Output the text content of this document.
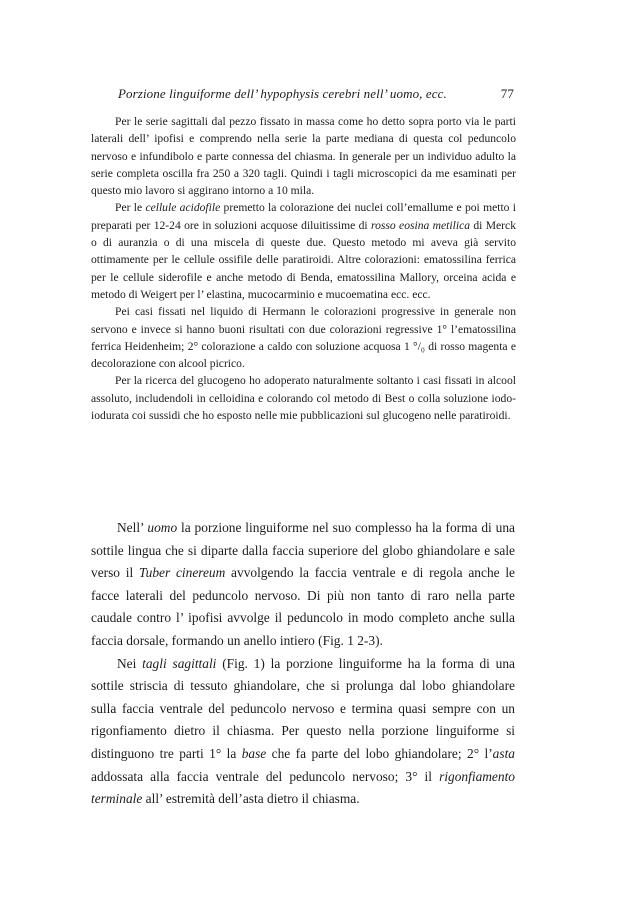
Porzione linguiforme dell’ hypophysis cerebri nell’ uomo, ecc.	77

Per le serie sagittali dal pezzo fissato in massa come ho detto sopra porto via le parti laterali dell’ ipofisi e comprendo nella serie la parte mediana di questa col peduncolo nervoso e infundibolo e parte connessa del chiasma. In generale per un individuo adulto la serie completa oscilla fra 250 a 320 tagli. Quindi i tagli microscopici da me esaminati per questo mio lavoro si aggirano intorno a 10 mila.

Per le cellule acidofile premetto la colorazione dei nuclei coll’emallume e poi metto i preparati per 12-24 ore in soluzioni acquose diluitissime di rosso eosina metilica di Merck o di auranzia o di una miscela di queste due. Questo metodo mi aveva già servito ottimamente per le cellule ossifile delle paratiroidi. Altre colorazioni: ematossilina ferrica per le cellule siderofile e anche metodo di Benda, ematossilina Mallory, orceina acida e metodo di Weigert per l’ elastina, mucocarminio e mucoematina ecc. ecc.

Pei casi fissati nel liquido di Hermann le colorazioni progressive in generale non servono e invece si hanno buoni risultati con due colorazioni regressive 1° l’ematossilina ferrica Heidenheim; 2° colorazione a caldo con soluzione acquosa 1 °/₀ di rosso magenta e decolorazione con alcool picrico.

Per la ricerca del glucogeno ho adoperato naturalmente soltanto i casi fissati in alcool assoluto, includendoli in celloidina e colorando col metodo di Best o colla soluzione iodo-iodurata coi sussidi che ho esposto nelle mie pubblicazioni sul glucogeno nelle paratiroidi.

Nell’ uomo la porzione linguiforme nel suo complesso ha la forma di una sottile lingua che si diparte dalla faccia superiore del globo ghiandolare e sale verso il Tuber cinereum avvolgendo la faccia ventrale e di regola anche le facce laterali del peduncolo nervoso. Di più non tanto di raro nella parte caudale contro l’ ipofisi avvolge il peduncolo in modo completo anche sulla faccia dorsale, formando un anello intiero (Fig. 1 2-3).

Nei tagli sagittali (Fig. 1) la porzione linguiforme ha la forma di una sottile striscia di tessuto ghiandolare, che si prolunga dal lobo ghiandolare sulla faccia ventrale del peduncolo nervoso e termina quasi sempre con un rigonfiamento dietro il chiasma. Per questo nella porzione linguiforme si distinguono tre parti 1° la base che fa parte del lobo ghiandolare; 2° l’asta addossata alla faccia ventrale del peduncolo nervoso; 3° il rigonfiamento terminale all’ estremità dell’asta dietro il chiasma.
